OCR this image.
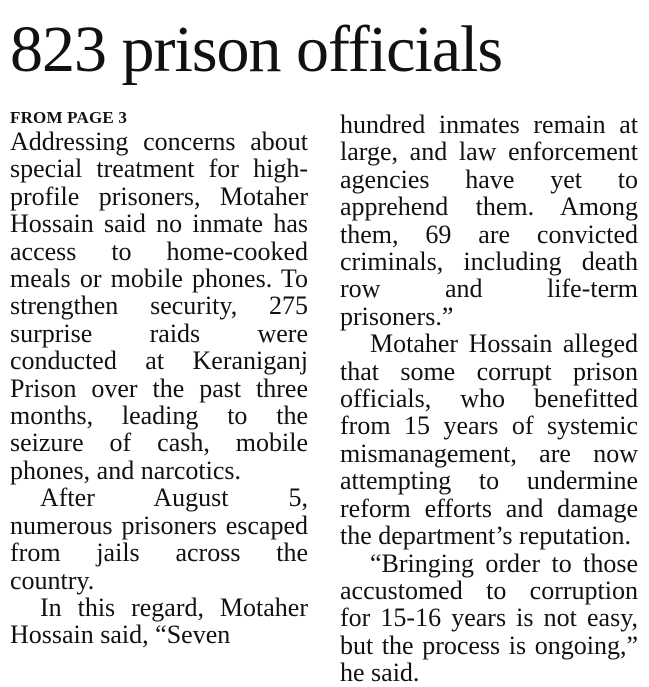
823 prison officials
FROM PAGE 3

Addressing concerns about special treatment for high-profile prisoners, Motaher Hossain said no inmate has access to home-cooked meals or mobile phones. To strengthen security, 275 surprise raids were conducted at Keraniganj Prison over the past three months, leading to the seizure of cash, mobile phones, and narcotics.

After August 5, numerous prisoners escaped from jails across the country.

In this regard, Motaher Hossain said, “Seven

hundred inmates remain at large, and law enforcement agencies have yet to apprehend them. Among them, 69 are convicted criminals, including death row and life-term prisoners.”

Motaher Hossain alleged that some corrupt prison officials, who benefitted from 15 years of systemic mismanagement, are now attempting to undermine reform efforts and damage the department’s reputation.

“Bringing order to those accustomed to corruption for 15-16 years is not easy, but the process is ongoing,” he said.
